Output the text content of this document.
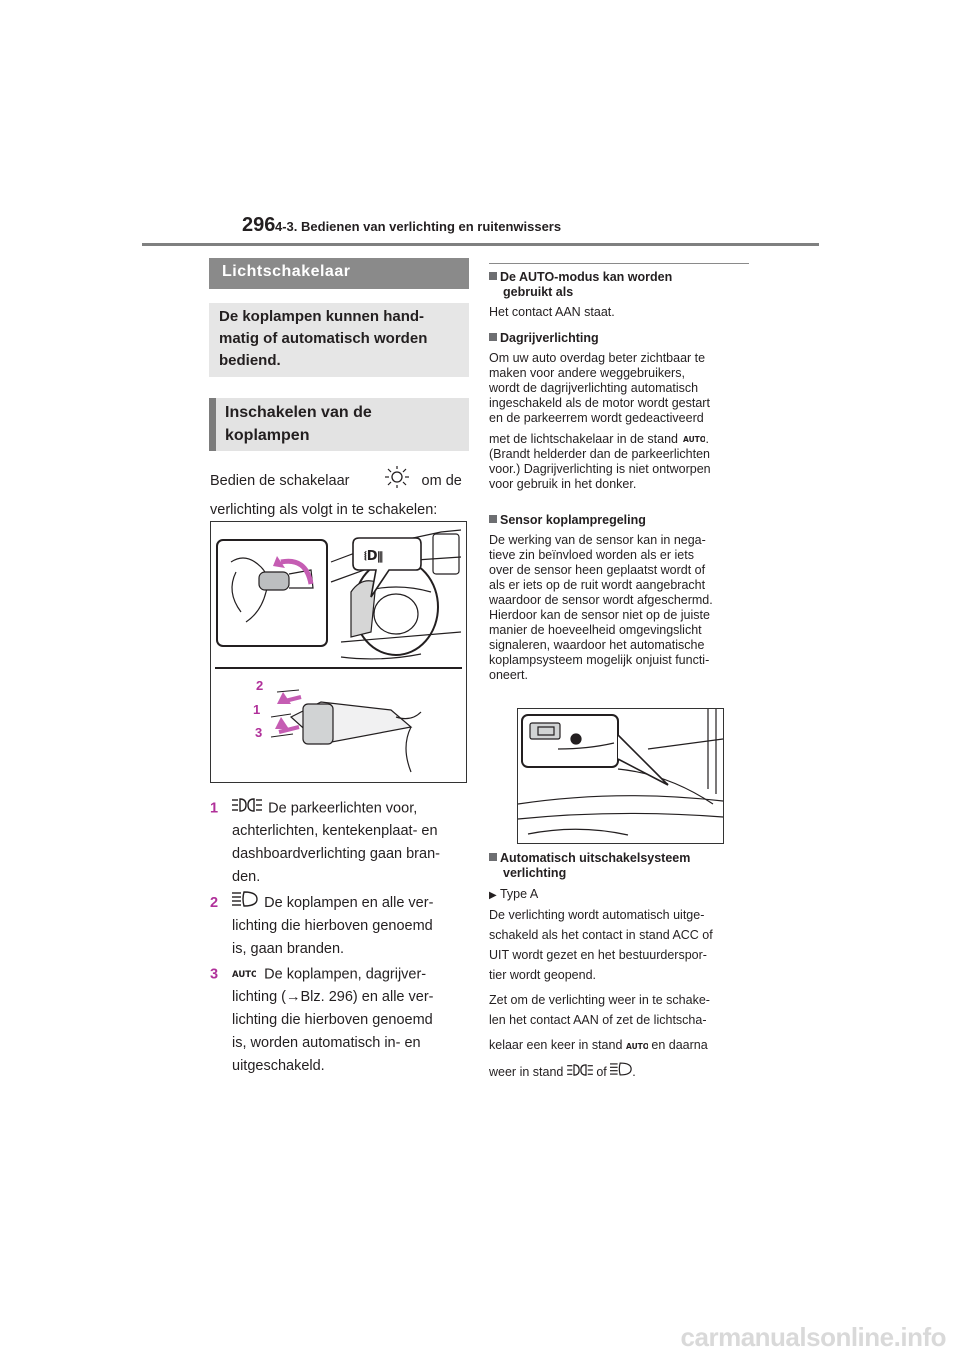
296 4-3. Bedienen van verlichting en ruitenwissers
Lichtschakelaar
De koplampen kunnen hand-
matig of automatisch worden
bediend.
Inschakelen van de
koplampen
Bedien de schakelaar	om de
verlichting als volgt in te schakelen:
⧙D⦀
2
1
3
1	De parkeerlichten voor,
achterlichten, kentekenplaat- en
dashboardverlichting gaan bran-
den.
2	De koplampen en alle ver-
lichting die hierboven genoemd
is, gaan branden.
3 AUTO De koplampen, dagrijver-
lichting (→Blz. 296) en alle ver-
lichting die hierboven genoemd
is, worden automatisch in- en
uitgeschakeld.
De AUTO-modus kan worden
gebruikt als
Het contact AAN staat.
Dagrijverlichting
Om uw auto overdag beter zichtbaar te
maken voor andere weggebruikers,
wordt de dagrijverlichting automatisch
ingeschakeld als de motor wordt gestart
en de parkeerrem wordt gedeactiveerd
met de lichtschakelaar in de stand AUTO
.
(Brandt helderder dan de parkeerlichten
voor.) Dagrijverlichting is niet ontworpen
voor gebruik in het donker.
Sensor koplampregeling
De werking van de sensor kan in nega-
tieve zin beïnvloed worden als er iets
over de sensor heen geplaatst wordt of
als er iets op de ruit wordt aangebracht
waardoor de sensor wordt afgeschermd.
Hierdoor kan de sensor niet op de juiste
manier de hoeveelheid omgevingslicht
signaleren, waardoor het automatische
koplampsysteem mogelijk onjuist functi-
oneert.
Automatisch uitschakelsysteem
verlichting
▶ Type A
De verlichting wordt automatisch uitge-
schakeld als het contact in stand ACC of
UIT wordt gezet en het bestuurderspor-
tier wordt geopend.
Zet om de verlichting weer in te schake-
len het contact AAN of zet de lichtscha-
kelaar een keer in stand AUTO en daarna
weer in stand	of .
carmanualsonline.info
